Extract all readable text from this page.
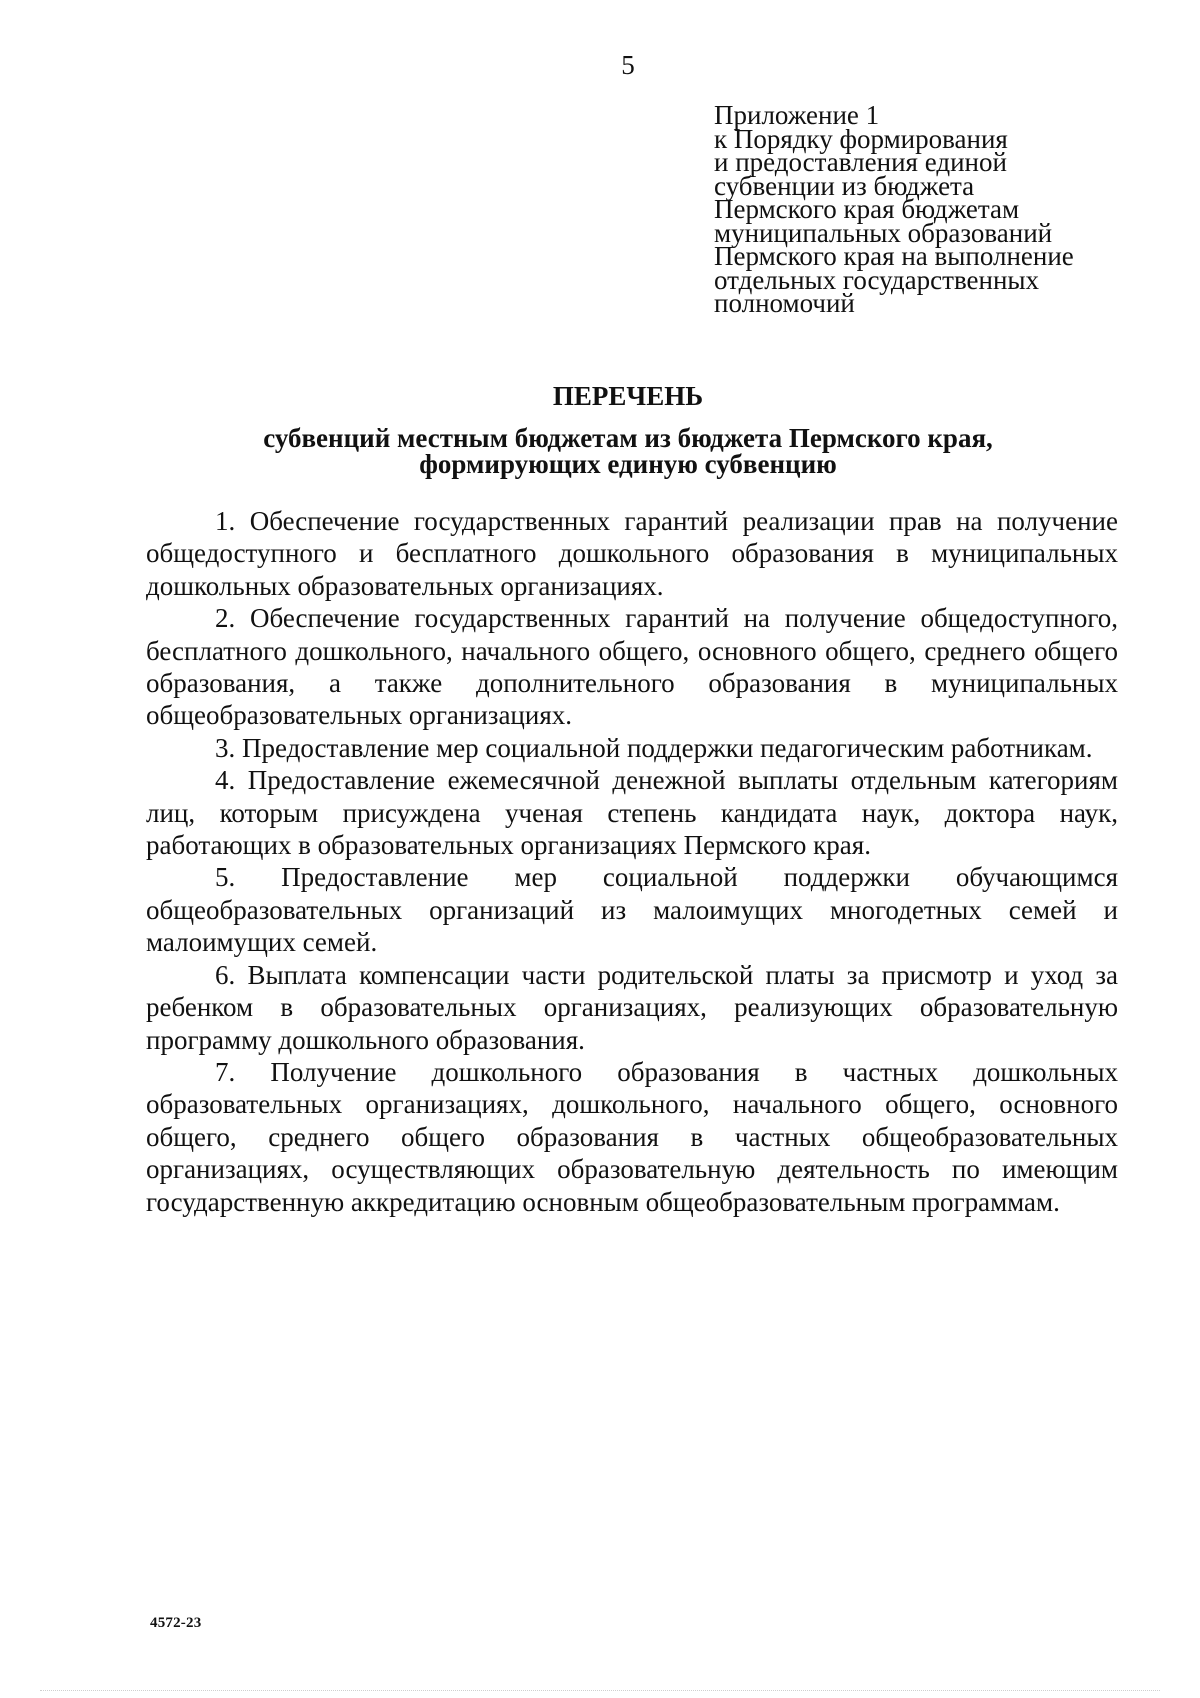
5
Приложение 1
к Порядку формирования
и предоставления единой
субвенции из бюджета
Пермского края бюджетам
муниципальных образований
Пермского края на выполнение
отдельных государственных
полномочий
ПЕРЕЧЕНЬ
субвенций местным бюджетам из бюджета Пермского края,
формирующих единую субвенцию

1. Обеспечение государственных гарантий реализации прав на получение общедоступного и бесплатного дошкольного образования в муниципальных дошкольных образовательных организациях.

2. Обеспечение государственных гарантий на получение общедоступного, бесплатного дошкольного, начального общего, основного общего, среднего общего образования, а также дополнительного образования в муниципальных общеобразовательных организациях.

3. Предоставление мер социальной поддержки педагогическим работникам.

4. Предоставление ежемесячной денежной выплаты отдельным категориям лиц, которым присуждена ученая степень кандидата наук, доктора наук, работающих в образовательных организациях Пермского края.

5. Предоставление мер социальной поддержки обучающимся общеобразовательных организаций из малоимущих многодетных семей и малоимущих семей.

6. Выплата компенсации части родительской платы за присмотр и уход за ребенком в образовательных организациях, реализующих образовательную программу дошкольного образования.

7. Получение дошкольного образования в частных дошкольных образовательных организациях, дошкольного, начального общего, основного общего, среднего общего образования в частных общеобразовательных организациях, осуществляющих образовательную деятельность по имеющим государственную аккредитацию основным общеобразовательным программам.

4572-23
